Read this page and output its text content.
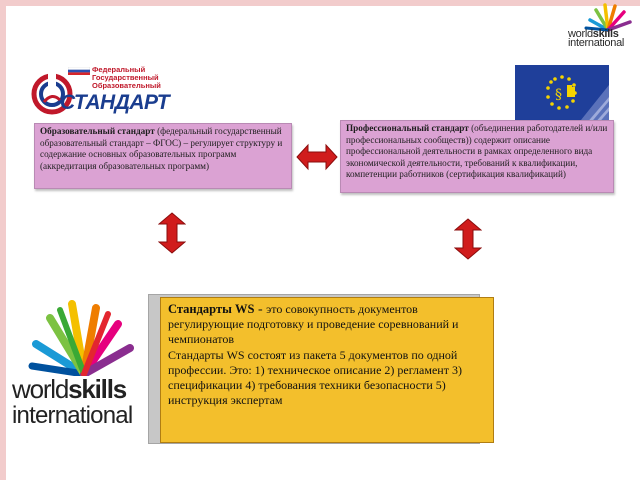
worldskills
international
Федеральный
Государственный
Образовательный
СТАНДАРТ	§
Образовательный стандарт (федеральный государственный образовательный стандарт – ФГОС) – регулирует структуру и содержание основных образовательных программ (аккредитация образовательных программ)
Профессиональный стандарт (объединения работодателей и/или профессиональных сообществ)) содержит описание профессиональной деятельности в рамках определенного вида экономической деятельности, требований к квалификации, компетенции работников (сертификация квалификаций)
worldskills
international
Стандарты WS - это совокупность документов регулирующие подготовку и проведение соревнований и чемпионатов
Стандарты WS состоят из пакета 5 документов по одной профессии. Это: 1) техническое описание 2) регламент 3) спецификации 4) требования техники безопасности 5) инструкция экспертам
